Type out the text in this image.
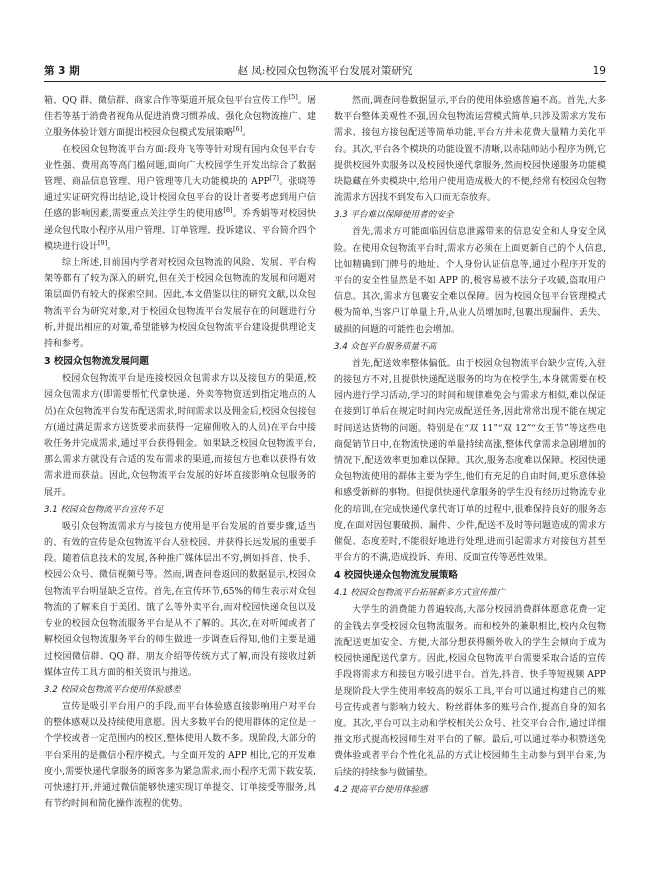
第 3 期	赵 凤:校园众包物流平台发展对策研究	19

箱、QQ 群、微信群、商家合作等渠道开展众包平台宣传工作[5]。屠佳若等基于消费者视角从促进消费习惯养成、强化众包物流推广、建立服务体验计划方面提出校园众包模式发展策略[6]。

在校园众包物流平台方面:段舟飞等等针对现有国内众包平台专业性强、费用高等高门槛问题,面向广大校园学生开发出综合了数据管理、商品信息管理、用户管理等几大功能模块的 APP[7]。张晓等通过实证研究得出结论,设计校园众包平台的设计者要考虑到用户信任感的影响因素,需要重点关注学生的使用感[8]。乔秀娟等对校园快递众包代取小程序从用户管理、订单管理、投诉建议、平台简介四个模块进行设计[9]。

综上所述,目前国内学者对校园众包物流的风险、发展、平台构架等都有了较为深入的研究,但在关于校园众包物流的发展和问题对策层面仍有较大的探索空间。因此,本文借鉴以往的研究文献,以众包物流平台为研究对象,对于校园众包物流平台发展存在的问题进行分析,并提出相应的对策,希望能够为校园众包物流平台建设提供理论支持和参考。

3 校园众包物流发展问题

校园众包物流平台是连接校园众包需求方以及接包方的渠道,校园众包需求方(即需要帮忙代拿快递、外卖等物资送到指定地点的人员)在众包物流平台发布配送需求,时间需求以及佣金后,校园众包接包方(通过满足需求方送货要求而获得一定雇佣收入的人员)在平台中接收任务并完成需求,通过平台获得佣金。如果缺乏校园众包物流平台,那么需求方就没有合适的发布需求的渠道,而接包方也难以获得有效需求进而获益。因此,众包物流平台发展的好坏直接影响众包服务的展开。

3.1 校园众包物流平台宣传不足

吸引众包物流需求方与接包方使用是平台发展的首要步骤,适当的、有效的宣传是众包物流平台人驻校园、并获得长远发展的重要手段。随着信息技术的发展,各种推广媒体层出不穷,例如抖音、快手、校园公众号、微信视频号等。然而,调查问卷返回的数据显示,校园众包物流平台明显缺乏宣传。首先,在宣传环节,65%的师生表示对众包物流的了解来自于美团、饿了么等外卖平台,而对校园快递众包以及专业的校园众包物流服务平台是从不了解的。其次,在对听闻或者了解校园众包物流服务平台的师生做进一步调查后得知,他们主要是通过校园微信群、QQ 群、朋友介绍等传统方式了解,而没有接收过新媒体宣传工具方面的相关资讯与推送。

3.2 校园众包物流平台使用体验感差

宣传是吸引平台用户的手段,而平台体验感直接影响用户对平台的整体感观以及持续使用意愿。因大多数平台的使用群体的定位是一个学校或者一定范围内的校区,整体使用人数不多。现阶段,大部分的平台采用的是微信小程序模式。与全面开发的 APP 相比,它的开发难度小,需要快递代拿服务的顾客多为紧急需求,而小程序无需下载安装,可快速打开,并通过微信能够快速实现订单提交、订单接受等服务,具有节约时间和简化操作流程的优势。

然而,调查问卷数据显示,平台的使用体验感普遍不高。首先,大多数平台整体美观性不强,因众包物流运营模式简单,只涉及需求方发布需求、接包方接包配送等简单功能,平台方并未花费大量精力美化平台。其次,平台各个模块的功能设置不清晰,以赤陆师站小程序为例,它提供校园外卖服务以及校园快递代拿服务,然而校园快递服务功能模块隐藏在外卖模块中,给用户使用造成极大的不便,经常有校园众包物流需求方因找不到发布入口而无奈放弃。

3.3 平台难以保障使用者的安全

首先,需求方可能面临因信息泄露带来的信息安全和人身安全风险。在使用众包物流平台时,需求方必须在上面更新自己的个人信息,比如精确到门牌号的地址、个人身份认证信息等,通过小程序开发的平台的安全性显然是不如 APP 的,极容易被不法分子攻破,盗取用户信息。其次,需求方包裹安全难以保障。因为校园众包平台管理模式极为简单,当客户订单量上升,从业人员增加时,包裹出现漏件、丢失、破损的问题的可能性也会增加。

3.4 众包平台服务质量不高

首先,配送效率整体偏低。由于校园众包物流平台缺少宣传,入驻的接包方不对,且提供快递配送服务的均为在校学生,本身就需要在校园内进行学习活动,学习的时间和规律难免会与需求方相似,难以保证在接到订单后在规定时间内完成配送任务,因此常常出现不能在规定时间送达货物的问题。特别是在“双 11”“双 12”“女王节”等这些电商促销节日中,在物流快递的单量持续高涨,整体代拿需求急剧增加的情况下,配送效率更加难以保障。其次,服务态度难以保障。校园快递众包物流使用的群体主要为学生,他们有充足的自由时间,更乐意体验和感受新鲜的事物。但提供快递代拿服务的学生没有经历过物流专业化的培训,在完成快递代拿代寄订单的过程中,很难保持良好的服务态度,在面对因包裹破损、漏件、少件,配送不及时等问题造成的需求方催促、态度差时,不能很好地进行处理,进而引起需求方对接包方甚至平台方的不满,造成投诉、弃用、反面宣传等恶性效果。

4 校园快递众包物流发展策略
4.1 校园众包物流平台拓展新多方式宣传推广

大学生的消费能力普遍较高,大部分校园消费群体愿意花费一定的金钱去享受校园众包物流服务。而和校外的兼职相比,校内众包物流配送更加安全、方便,大部分想获得额外收入的学生会倾向于成为校园快递配送代拿方。因此,校园众包物流平台需要采取合适的宣传手段将需求方和接包方吸引进平台。首先,抖音、快手等短视频 APP 是现阶段大学生使用率较高的娱乐工具,平台可以通过构建自己的账号宣传或者与影响力较大、粉丝群体多的账号合作,提高自身的知名度。其次,平台可以主动和学校相关公众号、社交平台合作,通过详细推文形式提高校园师生对平台的了解。最后,可以通过举办积赞送免费体验或者平台个性化礼品的方式让校园师生主动参与到平台来,为后续的持续参与做铺垫。

4.2 提高平台使用体验感
